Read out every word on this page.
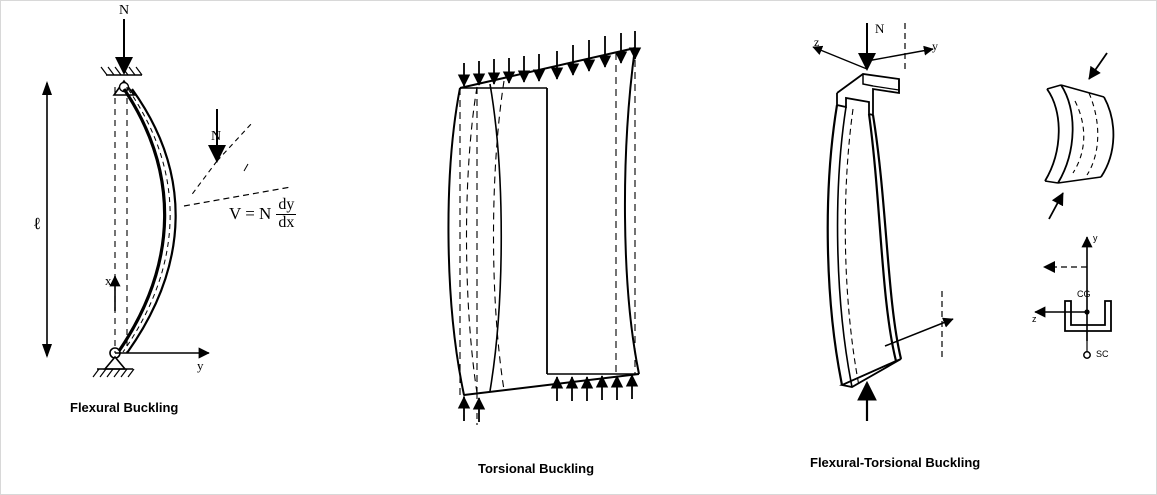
N
ℓ
x
y
N
V = N $\frac{dy}{dx}$
Flexural Buckling
Torsional Buckling
N
z	y
Flexural-Torsional Buckling
y
z
CG
SC
